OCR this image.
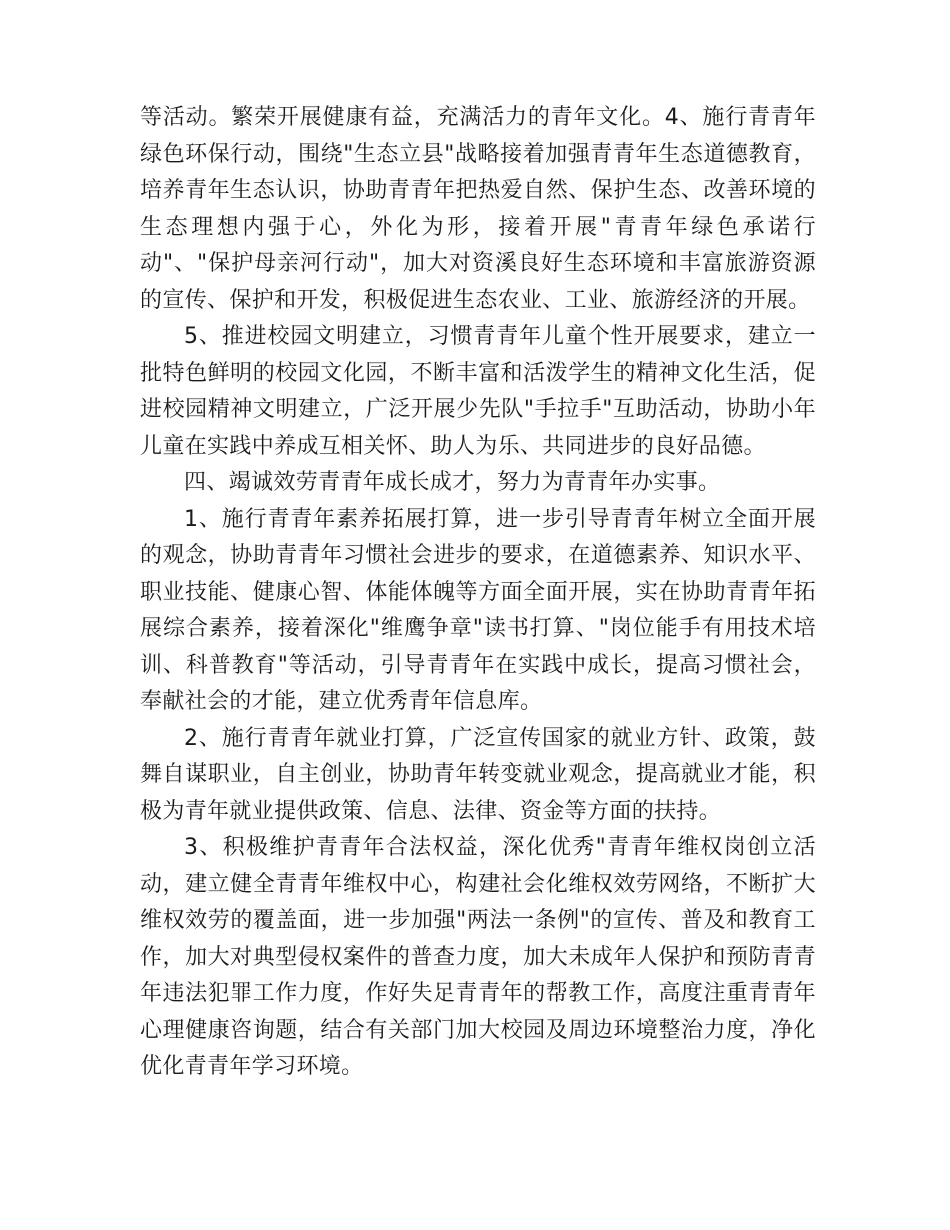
等活动。繁荣开展健康有益，充满活力的青年文化。4、施行青青年绿色环保行动，围绕"生态立县"战略接着加强青青年生态道德教育，培养青年生态认识，协助青青年把热爱自然、保护生态、改善环境的生态理想内强于心，外化为形，接着开展"青青年绿色承诺行动"、"保护母亲河行动"，加大对资溪良好生态环境和丰富旅游资源的宣传、保护和开发，积极促进生态农业、工业、旅游经济的开展。

5、推进校园文明建立，习惯青青年儿童个性开展要求，建立一批特色鲜明的校园文化园，不断丰富和活泼学生的精神文化生活，促进校园精神文明建立，广泛开展少先队"手拉手"互助活动，协助小年儿童在实践中养成互相关怀、助人为乐、共同进步的良好品德。

四、竭诚效劳青青年成长成才，努力为青青年办实事。

1、施行青青年素养拓展打算，进一步引导青青年树立全面开展的观念，协助青青年习惯社会进步的要求，在道德素养、知识水平、职业技能、健康心智、体能体魄等方面全面开展，实在协助青青年拓展综合素养，接着深化"维鹰争章"读书打算、"岗位能手有用技术培训、科普教育"等活动，引导青青年在实践中成长，提高习惯社会，奉献社会的才能，建立优秀青年信息库。

2、施行青青年就业打算，广泛宣传国家的就业方针、政策，鼓舞自谋职业，自主创业，协助青年转变就业观念，提高就业才能，积极为青年就业提供政策、信息、法律、资金等方面的扶持。

3、积极维护青青年合法权益，深化优秀"青青年维权岗创立活动，建立健全青青年维权中心，构建社会化维权效劳网络，不断扩大维权效劳的覆盖面，进一步加强"两法一条例"的宣传、普及和教育工作，加大对典型侵权案件的普查力度，加大未成年人保护和预防青青年违法犯罪工作力度，作好失足青青年的帮教工作，高度注重青青年心理健康咨询题，结合有关部门加大校园及周边环境整治力度，净化优化青青年学习环境。
